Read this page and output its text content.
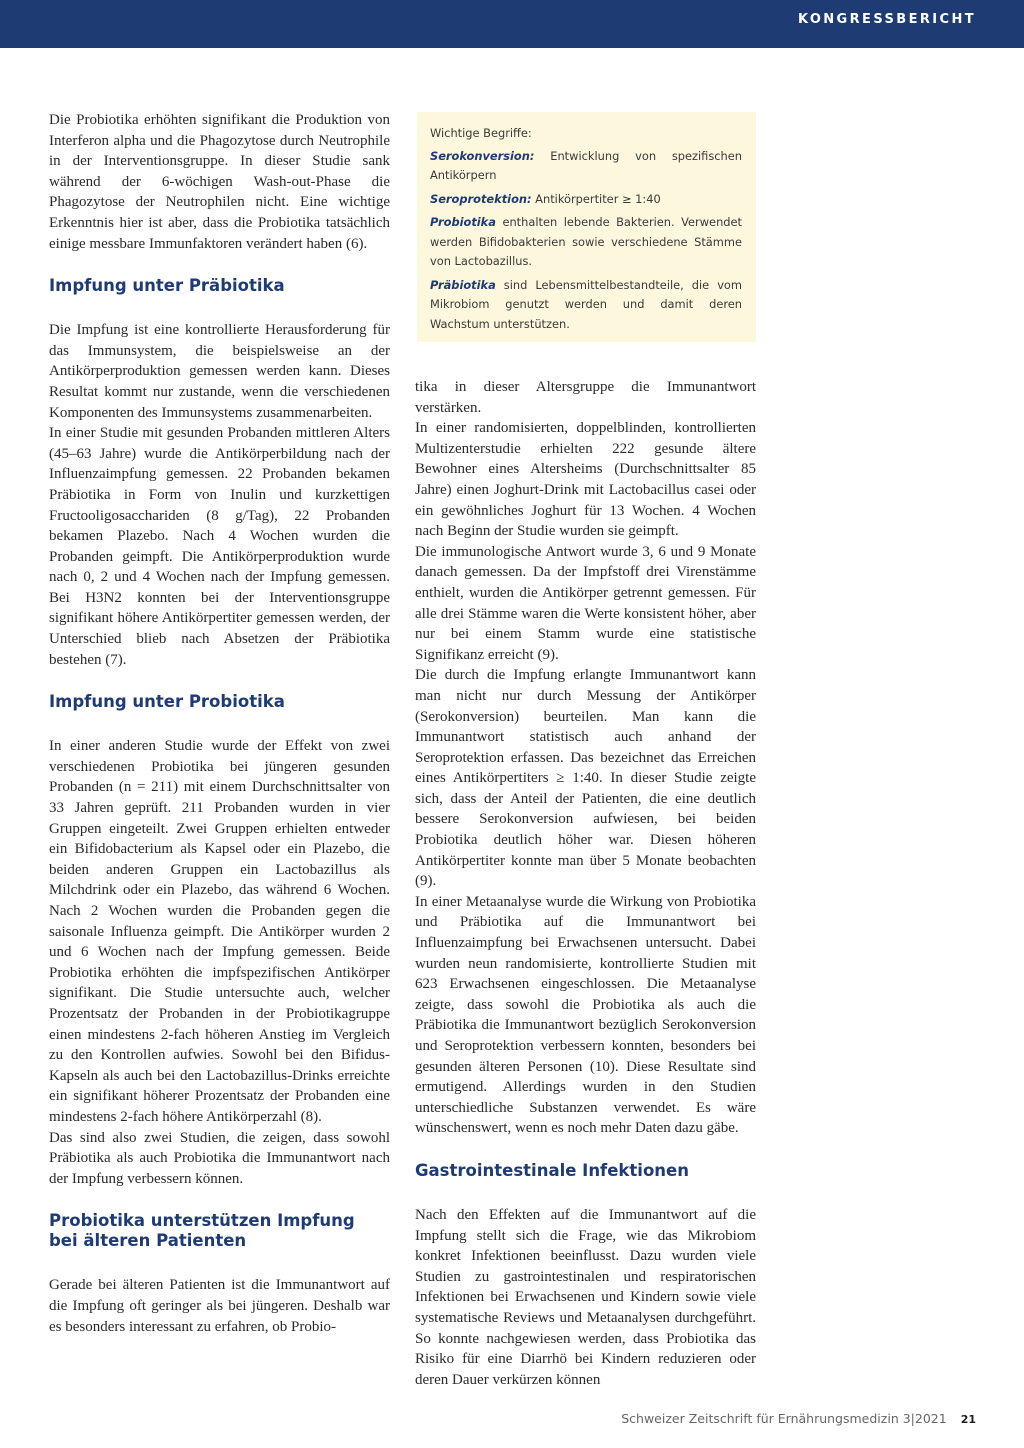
KONGRESSBERICHT
Wichtige Begriffe:
Serokonversion: Entwicklung von spezifischen Antikörpern
Seroprotektion: Antikörpertiter ≥ 1:40
Probiotika enthalten lebende Bakterien. Verwendet werden Bifidobakterien sowie verschiedene Stämme von Lactobazillus.
Präbiotika sind Lebensmittelbestandteile, die vom Mikrobiom genutzt werden und damit deren Wachstum unterstützen.

Die Probiotika erhöhten signifikant die Produktion von Interferon alpha und die Phagozytose durch Neutrophile in der Interventionsgruppe. In dieser Studie sank während der 6-wöchigen Wash-out-Phase die Phagozytose der Neutrophilen nicht. Eine wichtige Erkenntnis hier ist aber, dass die Probiotika tatsächlich einige messbare Immunfaktoren verändert haben (6).

Impfung unter Präbiotika

Die Impfung ist eine kontrollierte Herausforderung für das Immunsystem, die beispielsweise an der Antikörperproduktion gemessen werden kann. Dieses Resultat kommt nur zustande, wenn die verschiedenen Komponenten des Immunsystems zusammenarbeiten.

In einer Studie mit gesunden Probanden mittleren Alters (45–63 Jahre) wurde die Antikörperbildung nach der Influenzaimpfung gemessen. 22 Probanden bekamen Präbiotika in Form von Inulin und kurzkettigen Fructooligosacchariden (8 g/Tag), 22 Probanden bekamen Plazebo. Nach 4 Wochen wurden die Probanden geimpft. Die Antikörperproduktion wurde nach 0, 2 und 4 Wochen nach der Impfung gemessen. Bei H3N2 konnten bei der Interventionsgruppe signifikant höhere Antikörpertiter gemessen werden, der Unterschied blieb nach Absetzen der Präbiotika bestehen (7).

Impfung unter Probiotika

In einer anderen Studie wurde der Effekt von zwei verschiedenen Probiotika bei jüngeren gesunden Probanden (n = 211) mit einem Durchschnittsalter von 33 Jahren geprüft. 211 Probanden wurden in vier Gruppen eingeteilt. Zwei Gruppen erhielten entweder ein Bifidobacterium als Kapsel oder ein Plazebo, die beiden anderen Gruppen ein Lactobazillus als Milchdrink oder ein Plazebo, das während 6 Wochen. Nach 2 Wochen wurden die Probanden gegen die saisonale Influenza geimpft. Die Antikörper wurden 2 und 6 Wochen nach der Impfung gemessen. Beide Probiotika erhöhten die impfspezifischen Antikörper signifikant. Die Studie untersuchte auch, welcher Prozentsatz der Probanden in der Probiotikagruppe einen mindestens 2-fach höheren Anstieg im Vergleich zu den Kontrollen aufwies. Sowohl bei den Bifidus-Kapseln als auch bei den Lactobazillus-Drinks erreichte ein signifikant höherer Prozentsatz der Probanden eine mindestens 2-fach höhere Antikörperzahl (8).

Das sind also zwei Studien, die zeigen, dass sowohl Präbiotika als auch Probiotika die Immunantwort nach der Impfung verbessern können.

Probiotika unterstützen Impfung
bei älteren Patienten

Gerade bei älteren Patienten ist die Immunantwort auf die Impfung oft geringer als bei jüngeren. Deshalb war es besonders interessant zu erfahren, ob Probio-

tika in dieser Altersgruppe die Immunantwort verstärken.

In einer randomisierten, doppelblinden, kontrollierten Multizenterstudie erhielten 222 gesunde ältere Bewohner eines Altersheims (Durchschnittsalter 85 Jahre) einen Joghurt-Drink mit Lactobacillus casei oder ein gewöhnliches Joghurt für 13 Wochen. 4 Wochen nach Beginn der Studie wurden sie geimpft.

Die immunologische Antwort wurde 3, 6 und 9 Monate danach gemessen. Da der Impfstoff drei Virenstämme enthielt, wurden die Antikörper getrennt gemessen. Für alle drei Stämme waren die Werte konsistent höher, aber nur bei einem Stamm wurde eine statistische Signifikanz erreicht (9).

Die durch die Impfung erlangte Immunantwort kann man nicht nur durch Messung der Antikörper (Serokonversion) beurteilen. Man kann die Immunantwort statistisch auch anhand der Seroprotektion erfassen. Das bezeichnet das Erreichen eines Antikörpertiters ≥ 1:40. In dieser Studie zeigte sich, dass der Anteil der Patienten, die eine deutlich bessere Serokonversion aufwiesen, bei beiden Probiotika deutlich höher war. Diesen höheren Antikörpertiter konnte man über 5 Monate beobachten (9).

In einer Metaanalyse wurde die Wirkung von Probiotika und Präbiotika auf die Immunantwort bei Influenzaimpfung bei Erwachsenen untersucht. Dabei wurden neun randomisierte, kontrollierte Studien mit 623 Erwachsenen eingeschlossen. Die Metaanalyse zeigte, dass sowohl die Probiotika als auch die Präbiotika die Immunantwort bezüglich Serokonversion und Seroprotektion verbessern konnten, besonders bei gesunden älteren Personen (10). Diese Resultate sind ermutigend. Allerdings wurden in den Studien unterschiedliche Substanzen verwendet. Es wäre wünschenswert, wenn es noch mehr Daten dazu gäbe.

Gastrointestinale Infektionen

Nach den Effekten auf die Immunantwort auf die Impfung stellt sich die Frage, wie das Mikrobiom konkret Infektionen beeinflusst. Dazu wurden viele Studien zu gastrointestinalen und respiratorischen Infektionen bei Erwachsenen und Kindern sowie viele systematische Reviews und Metaanalysen durchgeführt. So konnte nachgewiesen werden, dass Probiotika das Risiko für eine Diarrhö bei Kindern reduzieren oder deren Dauer verkürzen können

Schweizer Zeitschrift für Ernährungsmedizin 3|2021 21
